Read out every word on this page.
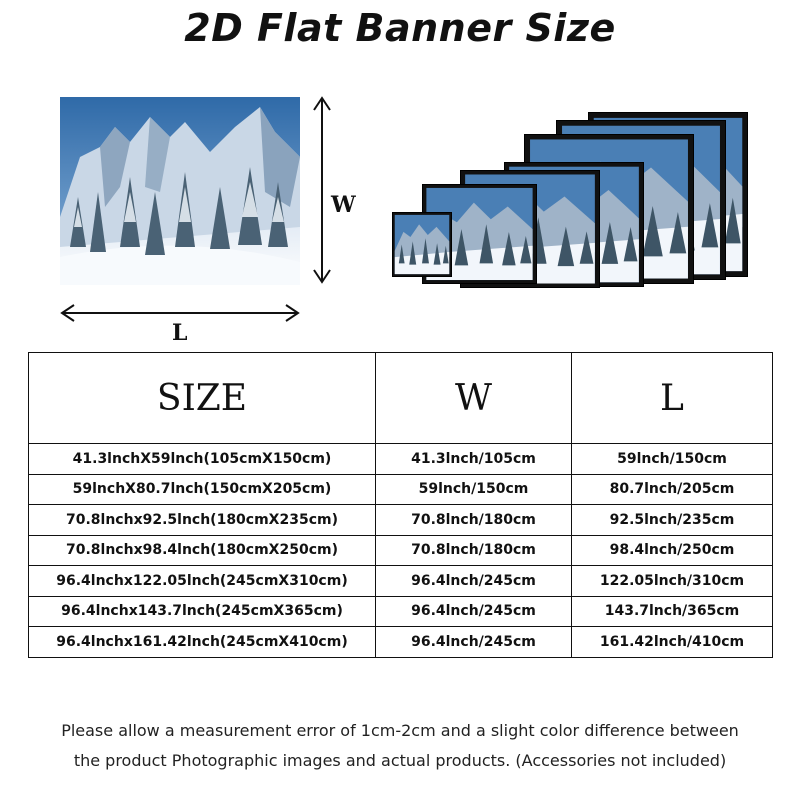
2D Flat Banner Size
W
L
SIZE	W	L
41.3lnchX59lnch(105cmX150cm)	41.3lnch/105cm	59lnch/150cm
59lnchX80.7lnch(150cmX205cm)	59lnch/150cm	80.7lnch/205cm
70.8lnchx92.5lnch(180cmX235cm)	70.8lnch/180cm	92.5lnch/235cm
70.8lnchx98.4lnch(180cmX250cm)	70.8lnch/180cm	98.4lnch/250cm
96.4lnchx122.05lnch(245cmX310cm)	96.4lnch/245cm	122.05lnch/310cm
96.4lnchx143.7lnch(245cmX365cm)	96.4lnch/245cm	143.7lnch/365cm
96.4lnchx161.42lnch(245cmX410cm)	96.4lnch/245cm	161.42lnch/410cm
Please allow a measurement error of 1cm-2cm and a slight color difference between
the product Photographic images and actual products. (Accessories not included)
